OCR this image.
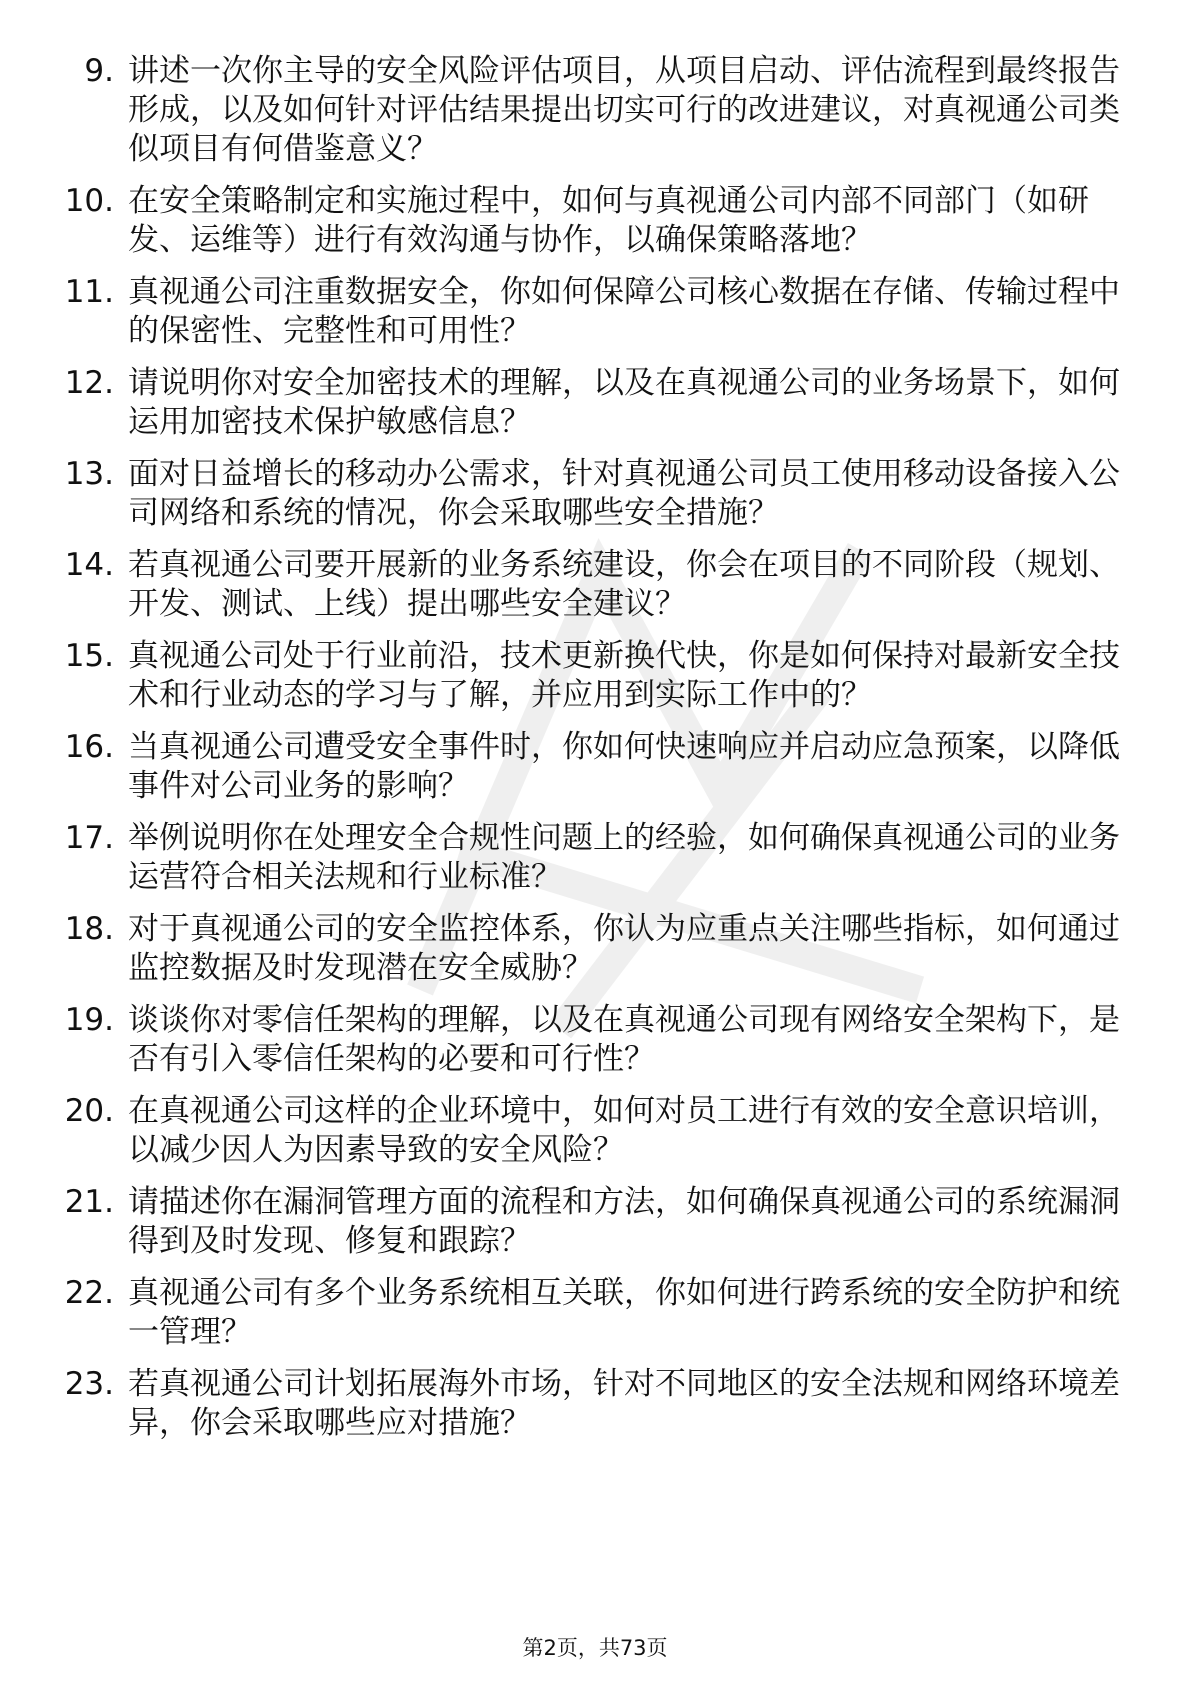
9. 讲述一次你主导的安全风险评估项目，从项目启动、评估流程到最终报告形成，以及如何针对评估结果提出切实可行的改进建议，对真视通公司类似项目有何借鉴意义？
10. 在安全策略制定和实施过程中，如何与真视通公司内部不同部门（如研发、运维等）进行有效沟通与协作，以确保策略落地？
11. 真视通公司注重数据安全，你如何保障公司核心数据在存储、传输过程中的保密性、完整性和可用性？
12. 请说明你对安全加密技术的理解，以及在真视通公司的业务场景下，如何运用加密技术保护敏感信息？
13. 面对日益增长的移动办公需求，针对真视通公司员工使用移动设备接入公司网络和系统的情况，你会采取哪些安全措施？
14. 若真视通公司要开展新的业务系统建设，你会在项目的不同阶段（规划、开发、测试、上线）提出哪些安全建议？
15. 真视通公司处于行业前沿，技术更新换代快，你是如何保持对最新安全技术和行业动态的学习与了解，并应用到实际工作中的？
16. 当真视通公司遭受安全事件时，你如何快速响应并启动应急预案，以降低事件对公司业务的影响？
17. 举例说明你在处理安全合规性问题上的经验，如何确保真视通公司的业务运营符合相关法规和行业标准？
18. 对于真视通公司的安全监控体系，你认为应重点关注哪些指标，如何通过监控数据及时发现潜在安全威胁？
19. 谈谈你对零信任架构的理解，以及在真视通公司现有网络安全架构下，是否有引入零信任架构的必要和可行性？
20. 在真视通公司这样的企业环境中，如何对员工进行有效的安全意识培训，以减少因人为因素导致的安全风险？
21. 请描述你在漏洞管理方面的流程和方法，如何确保真视通公司的系统漏洞得到及时发现、修复和跟踪？
22. 真视通公司有多个业务系统相互关联，你如何进行跨系统的安全防护和统一管理？
23. 若真视通公司计划拓展海外市场，针对不同地区的安全法规和网络环境差异，你会采取哪些应对措施？
第2页，共73页
